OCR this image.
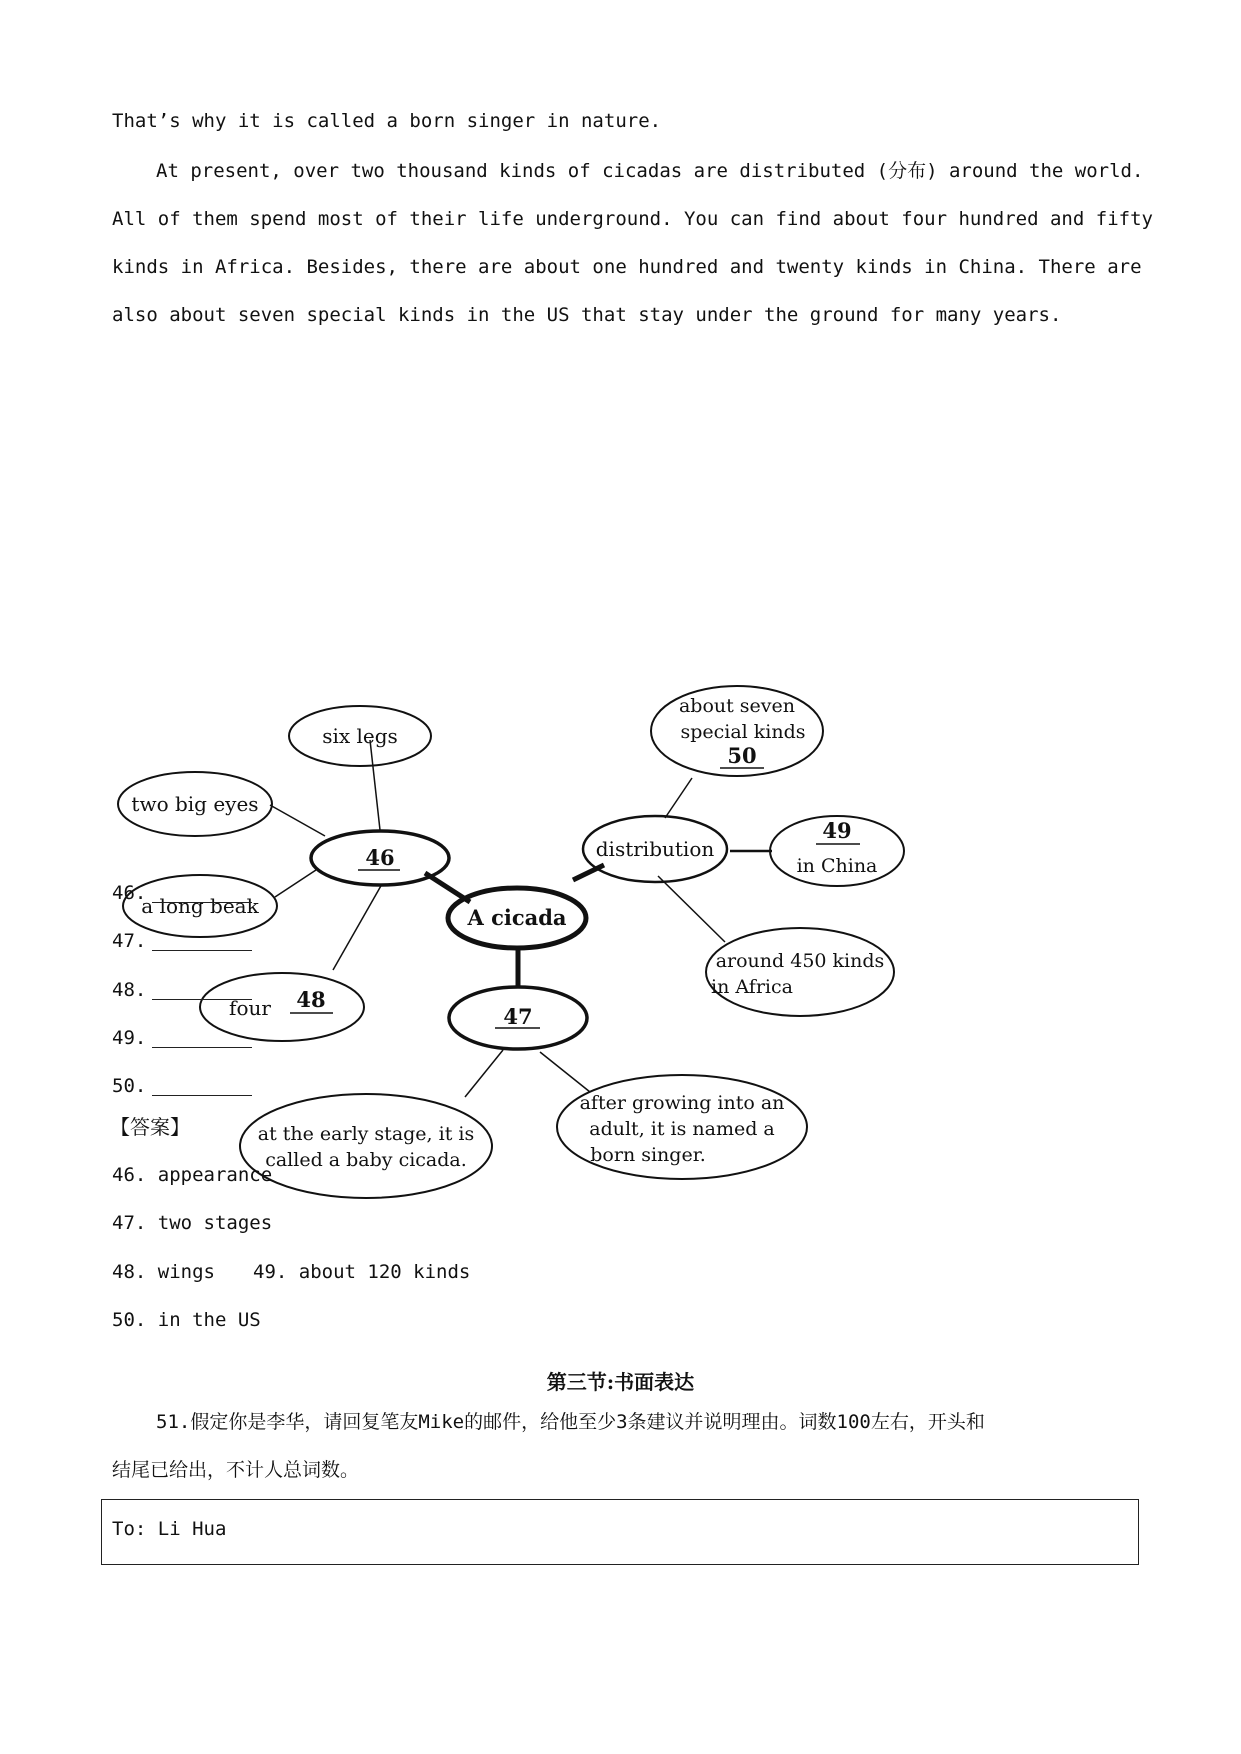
That’s why it is called a born singer in nature.
At present, over two thousand kinds of cicadas are distributed (分布) around the world.
All of them spend most of their life underground. You can find about four hundred and fifty
kinds in Africa. Besides, there are about one hundred and twenty kinds in China. There are
also about seven special kinds in the US that stay under the ground for many years.
six legs
two big eyes
46
a long beak
four 48
A cicada
47
at the early stage, it is
called a baby cicada.
after growing into an
adult, it is named a
born singer.
distribution
about seven
special kinds
50
49
in China
around 450 kinds
in Africa
46.
47.
48.
49.
50.
【答案】
46. appearance
47. two stages
48. wings 49. about 120 kinds
50. in the US
第三节:书面表达
51.假定你是李华，请回复笔友Mike的邮件，给他至少3条建议并说明理由。词数100左右，开头和
结尾已给出，不计人总词数。
To: Li Hua
